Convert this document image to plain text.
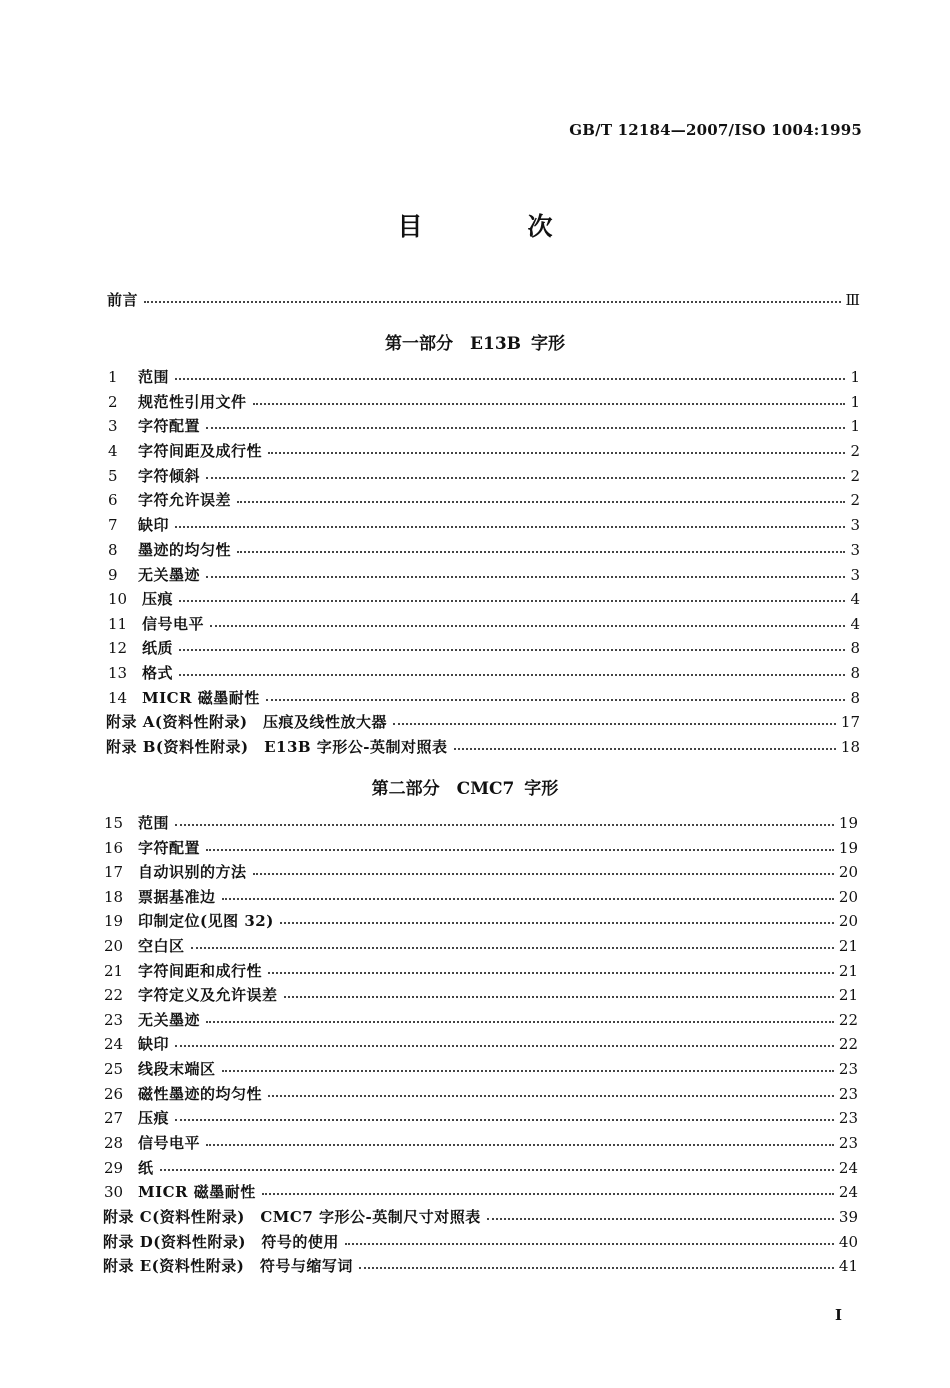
GB/T 12184—2007/ISO 1004:1995
目　次
前言	Ⅲ
第一部分　E13B 字形
1	范围	1
2	规范性引用文件	1
3	字符配置	1
4	字符间距及成行性	2
5	字符倾斜	2
6	字符允许误差	2
7	缺印	3
8	墨迹的均匀性	3
9	无关墨迹	3
10 压痕	4
11 信号电平	4
12 纸质	8
13 格式	8
14 MICR 磁墨耐性	8
附录 A(资料性附录)　压痕及线性放大器	17
附录 B(资料性附录)　E13B 字形公-英制对照表	18
第二部分　CMC7 字形
15 范围	19
16 字符配置	19
17 自动识别的方法	20
18 票据基准边	20
19 印制定位(见图 32)	20
20 空白区	21
21 字符间距和成行性	21
22 字符定义及允许误差	21
23 无关墨迹	22
24 缺印	22
25 线段末端区	23
26 磁性墨迹的均匀性	23
27 压痕	23
28 信号电平	23
29 纸	24
30 MICR 磁墨耐性	24
附录 C(资料性附录)　CMC7 字形公-英制尺寸对照表	39
附录 D(资料性附录)　符号的使用	40
附录 E(资料性附录)　符号与缩写词	41
I
